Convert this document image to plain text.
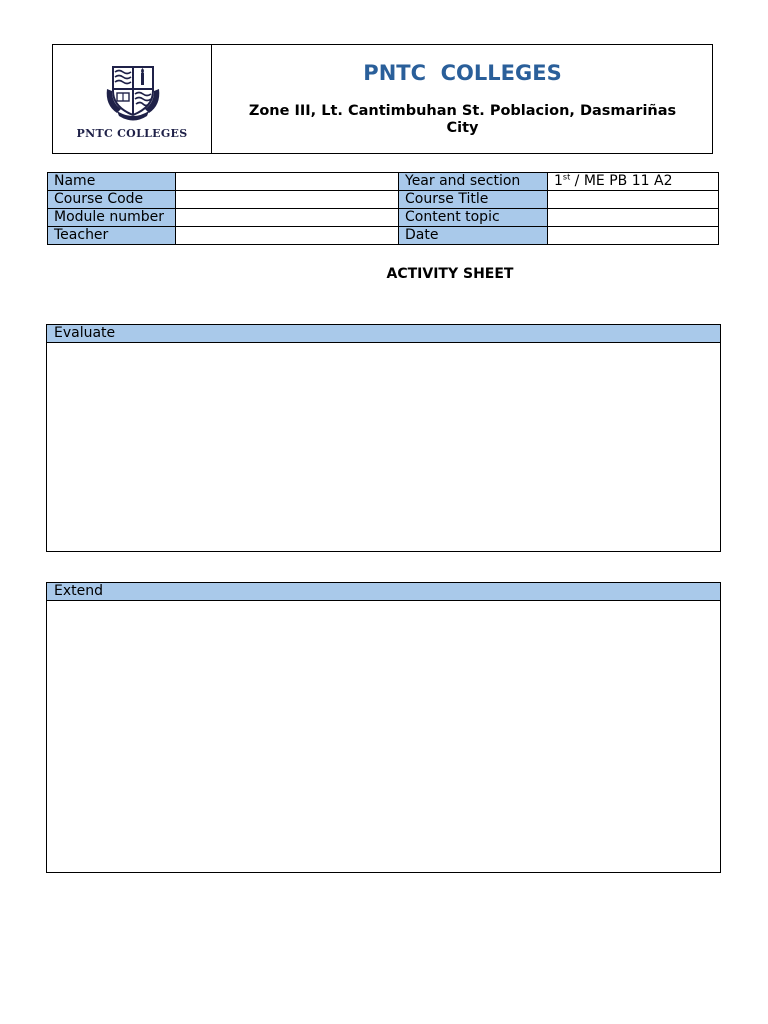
PNTC COLLEGES
PNTC  COLLEGES
Zone III, Lt. Cantimbuhan St. Poblacion, Dasmariñas City
Name		Year and section	1st / ME PB 11 A2
Course Code		Course Title	
Module number		Content topic	
Teacher		Date	
ACTIVITY SHEET
Evaluate
Extend
